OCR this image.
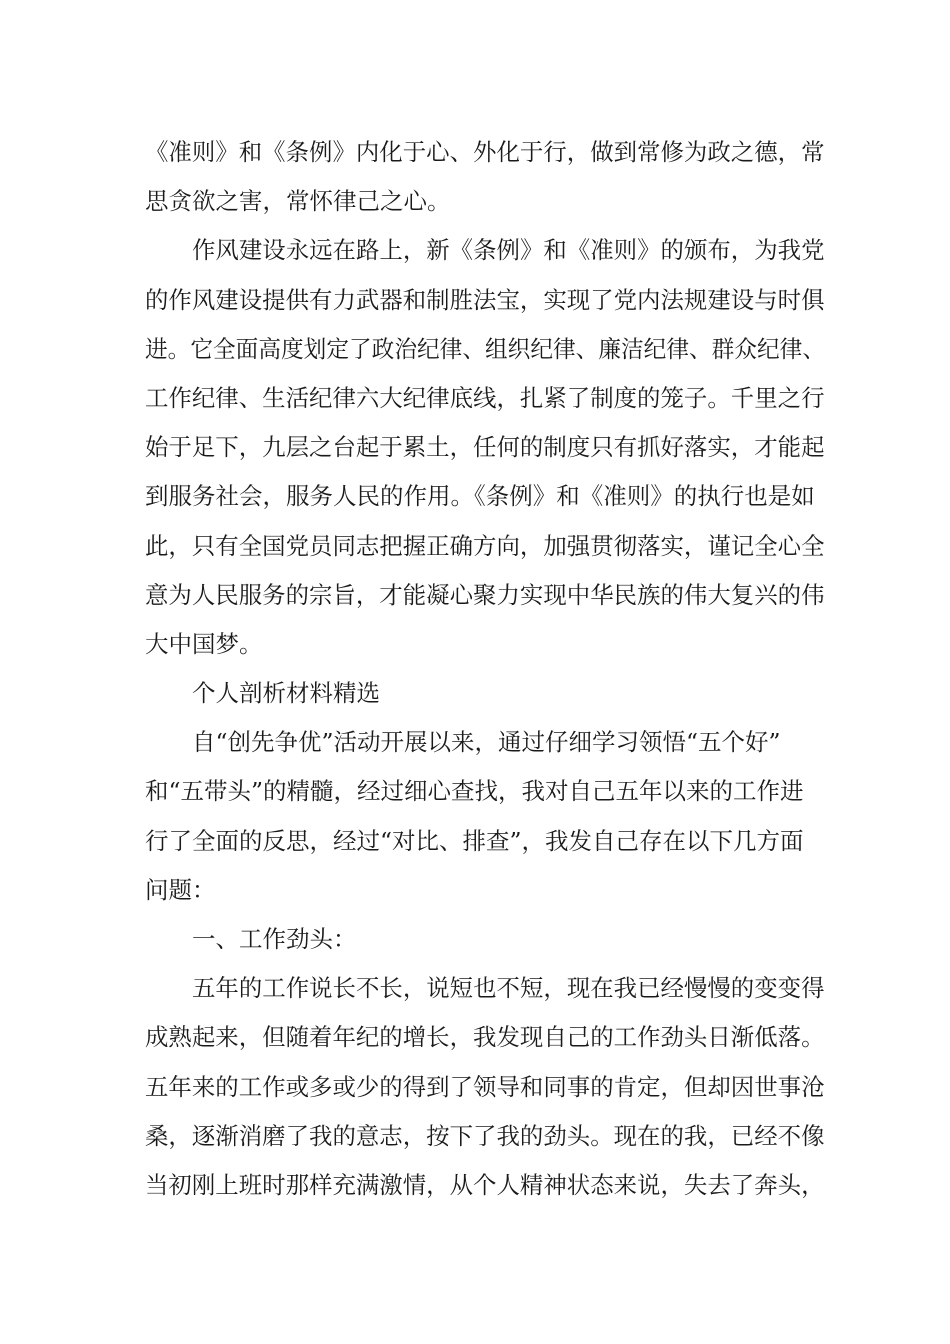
《准则》和《条例》内化于心、外化于行，做到常修为政之德，常
思贪欲之害，常怀律己之心。
作风建设永远在路上，新《条例》和《准则》的颁布，为我党
的作风建设提供有力武器和制胜法宝，实现了党内法规建设与时俱
进。它全面高度划定了政治纪律、组织纪律、廉洁纪律、群众纪律、
工作纪律、生活纪律六大纪律底线，扎紧了制度的笼子。千里之行
始于足下，九层之台起于累土，任何的制度只有抓好落实，才能起
到服务社会，服务人民的作用。《条例》和《准则》的执行也是如
此，只有全国党员同志把握正确方向，加强贯彻落实，谨记全心全
意为人民服务的宗旨，才能凝心聚力实现中华民族的伟大复兴的伟
大中国梦。
个人剖析材料精选
自“创先争优”活动开展以来，通过仔细学习领悟“五个好”
和“五带头”的精髓，经过细心查找，我对自己五年以来的工作进
行了全面的反思，经过“对比、排查”，我发自己存在以下几方面
问题：
一、工作劲头：
五年的工作说长不长，说短也不短，现在我已经慢慢的变变得
成熟起来，但随着年纪的增长，我发现自己的工作劲头日渐低落。
五年来的工作或多或少的得到了领导和同事的肯定，但却因世事沧
桑，逐渐消磨了我的意志，按下了我的劲头。现在的我，已经不像
当初刚上班时那样充满激情，从个人精神状态来说，失去了奔头，
